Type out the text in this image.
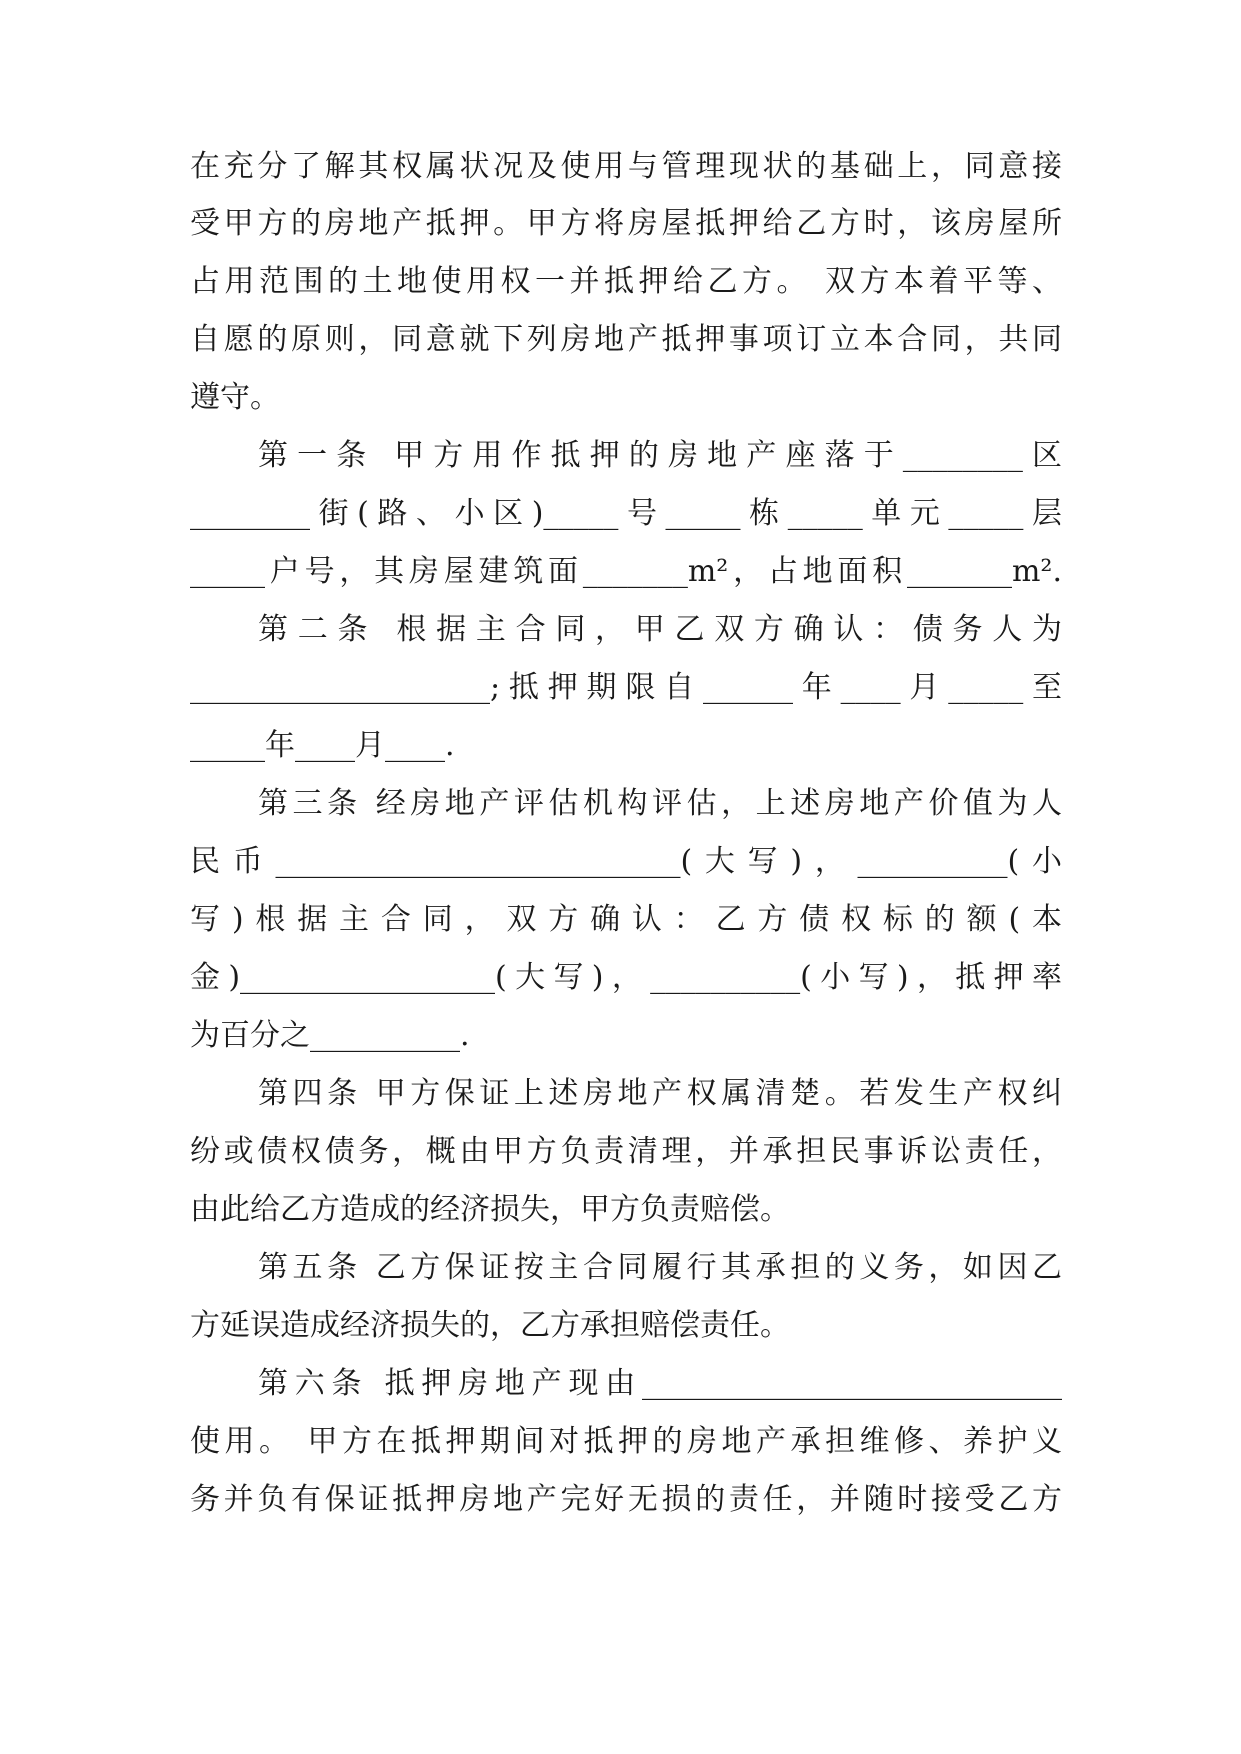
在充分了解其权属状况及使用与管理现状的基础上，同意接

受甲方的房地产抵押。甲方将房屋抵押给乙方时，该房屋所

占用范围的土地使用权一并抵押给乙方。 双方本着平等、

自愿的原则，同意就下列房地产抵押事项订立本合同，共同

遵守。

第一条 甲方用作抵押的房地产座落于________区

________街(路、小区)_____号_____栋_____单元_____层

_____户号，其房屋建筑面_______m²，占地面积_______m².

第二条 根据主合同，甲乙双方确认：债务人为

____________________;抵押期限自______年____月_____至

_____年____月____.

第三条 经房地产评估机构评估，上述房地产价值为人

民币___________________________(大写)，__________(小

写)根据主合同，双方确认：乙方债权标的额(本

金)_________________(大写)，__________(小写)，抵押率

为百分之__________.

第四条 甲方保证上述房地产权属清楚。若发生产权纠

纷或债权债务，概由甲方负责清理，并承担民事诉讼责任，

由此给乙方造成的经济损失，甲方负责赔偿。

第五条 乙方保证按主合同履行其承担的义务，如因乙

方延误造成经济损失的，乙方承担赔偿责任。

第六条 抵押房地产现由____________________________

使用。 甲方在抵押期间对抵押的房地产承担维修、养护义

务并负有保证抵押房地产完好无损的责任，并随时接受乙方
